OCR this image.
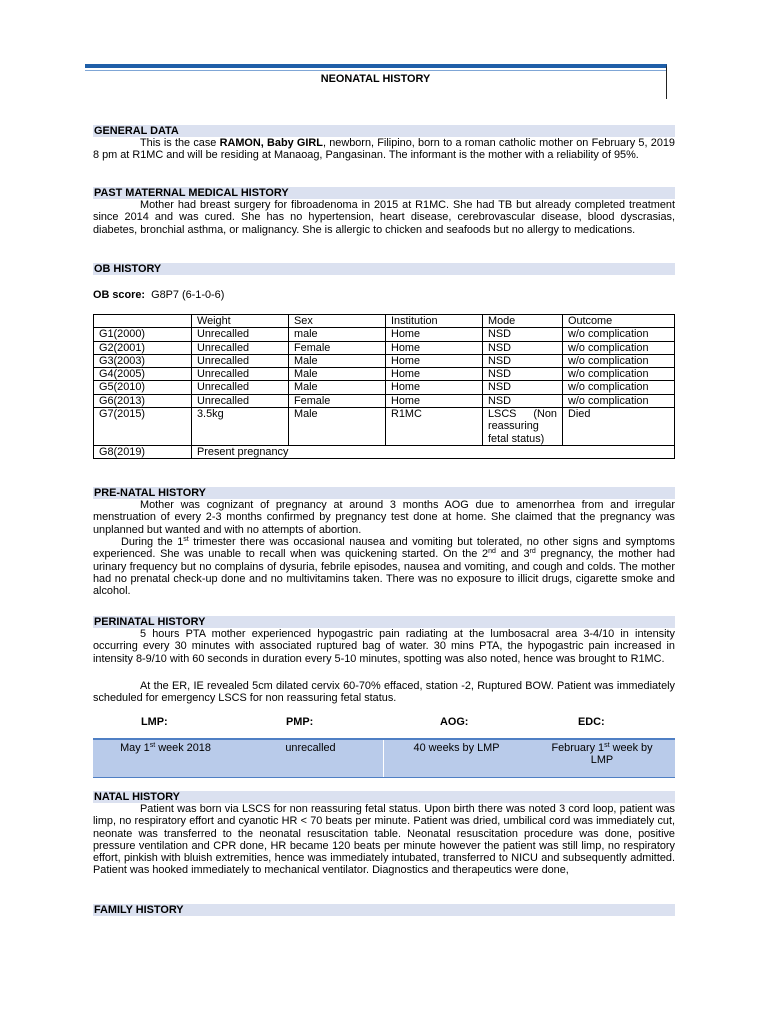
NEONATAL HISTORY
GENERAL DATA
This is the case RAMON, Baby GIRL, newborn, Filipino, born to a roman catholic mother on February 5, 2019 8 pm at R1MC and will be residing at Manaoag, Pangasinan. The informant is the mother with a reliability of 95%.
PAST MATERNAL MEDICAL HISTORY
Mother had breast surgery for fibroadenoma in 2015 at R1MC. She had TB but already completed treatment since 2014 and was cured. She has no hypertension, heart disease, cerebrovascular disease, blood dyscrasias, diabetes, bronchial asthma, or malignancy. She is allergic to chicken and seafoods but no allergy to medications.
OB HISTORY
OB score: G8P7 (6-1-0-6)
	Weight	Sex	Institution	Mode	Outcome
G1(2000)	Unrecalled	male	Home	NSD	w/o complication
G2(2001)	Unrecalled	Female	Home	NSD	w/o complication
G3(2003)	Unrecalled	Male	Home	NSD	w/o complication
G4(2005)	Unrecalled	Male	Home	NSD	w/o complication
G5(2010)	Unrecalled	Male	Home	NSD	w/o complication
G6(2013)	Unrecalled	Female	Home	NSD	w/o complication
G7(2015)	3.5kg	Male	R1MC	LSCS (Non reassuring fetal status)	Died
G8(2019)	Present pregnancy				
PRE-NATAL HISTORY
Mother was cognizant of pregnancy at around 3 months AOG due to amenorrhea from and irregular menstruation of every 2-3 months confirmed by pregnancy test done at home. She claimed that the pregnancy was unplanned but wanted and with no attempts of abortion.
During the 1st trimester there was occasional nausea and vomiting but tolerated, no other signs and symptoms experienced. She was unable to recall when was quickening started. On the 2nd and 3rd pregnancy, the mother had urinary frequency but no complains of dysuria, febrile episodes, nausea and vomiting, and cough and colds. The mother had no prenatal check-up done and no multivitamins taken. There was no exposure to illicit drugs, cigarette smoke and alcohol.
PERINATAL HISTORY
5 hours PTA mother experienced hypogastric pain radiating at the lumbosacral area 3-4/10 in intensity occurring every 30 minutes with associated ruptured bag of water. 30 mins PTA, the hypogastric pain increased in intensity 8-9/10 with 60 seconds in duration every 5-10 minutes, spotting was also noted, hence was brought to R1MC.
At the ER, IE revealed 5cm dilated cervix 60-70% effaced, station -2, Ruptured BOW. Patient was immediately scheduled for emergency LSCS for non reassuring fetal status.
LMP:	PMP:	AOG:	EDC:
May 1st week 2018	unrecalled	40 weeks by LMP	February 1st week by
LMP
NATAL HISTORY
Patient was born via LSCS for non reassuring fetal status. Upon birth there was noted 3 cord loop, patient was limp, no respiratory effort and cyanotic HR < 70 beats per minute. Patient was dried, umbilical cord was immediately cut, neonate was transferred to the neonatal resuscitation table. Neonatal resuscitation procedure was done, positive pressure ventilation and CPR done, HR became 120 beats per minute however the patient was still limp, no respiratory effort, pinkish with bluish extremities, hence was immediately intubated, transferred to NICU and subsequently admitted. Patient was hooked immediately to mechanical ventilator. Diagnostics and therapeutics were done,
FAMILY HISTORY
